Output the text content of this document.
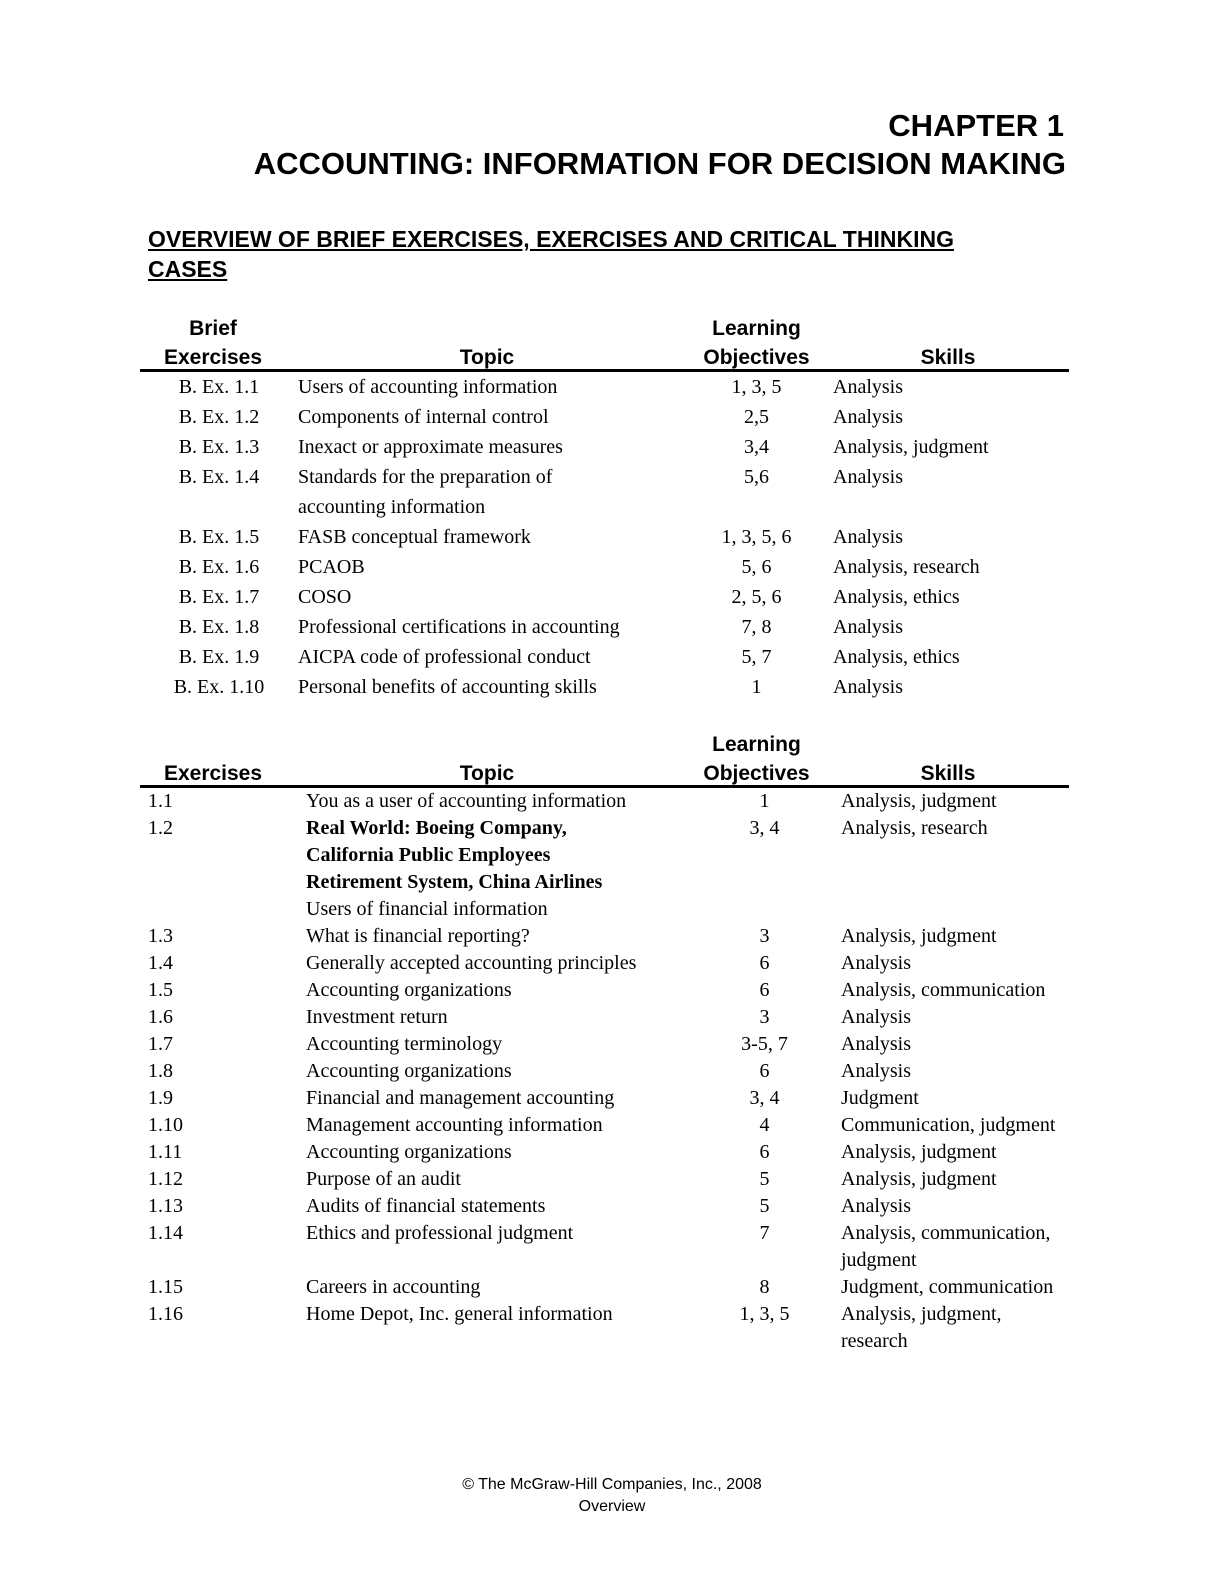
CHAPTER 1
ACCOUNTING: INFORMATION FOR DECISION MAKING
OVERVIEW OF BRIEF EXERCISES, EXERCISES AND CRITICAL THINKING CASES
Brief
Exercises	Topic
Learning
Objectives	Skills
B. Ex. 1.1	Users of accounting information	1, 3, 5	Analysis

B. Ex. 1.2	Components of internal control	2,5	Analysis

B. Ex. 1.3	Inexact or approximate measures	3,4	Analysis, judgment

B. Ex. 1.4	Standards for the preparation of
accounting information	5,6	Analysis

B. Ex. 1.5	FASB conceptual framework	1, 3, 5, 6	Analysis

B. Ex. 1.6	PCAOB	5, 6	Analysis, research

B. Ex. 1.7	COSO	2, 5, 6	Analysis, ethics

B. Ex. 1.8	Professional certifications in accounting	7, 8	Analysis

B. Ex. 1.9	AICPA code of professional conduct	5, 7	Analysis, ethics

B. Ex. 1.10	Personal benefits of accounting skills	1	Analysis
Exercises	Topic
Learning
Objectives	Skills
1.1	You as a user of accounting information	1	Analysis, judgment

1.2	Real World: Boeing Company,
California Public Employees
Retirement System, China Airlines
Users of financial information	3, 4	Analysis, research
1.3	What is financial reporting?	3	Analysis, judgment

1.4	Generally accepted accounting principles	6	Analysis

1.5	Accounting organizations	6	Analysis, communication

1.6	Investment return	3	Analysis

1.7	Accounting terminology	3-5, 7	Analysis

1.8	Accounting organizations	6	Analysis

1.9	Financial and management accounting	3, 4	Judgment

1.10	Management accounting information	4	Communication, judgment

1.11	Accounting organizations	6	Analysis, judgment

1.12	Purpose of an audit	5	Analysis, judgment

1.13	Audits of financial statements	5	Analysis

1.14	Ethics and professional judgment	7	Analysis, communication,
judgment

1.15	Careers in accounting	8	Judgment, communication

1.16	Home Depot, Inc. general information	1, 3, 5	Analysis, judgment,
research
© The McGraw-Hill Companies, Inc., 2008
Overview
